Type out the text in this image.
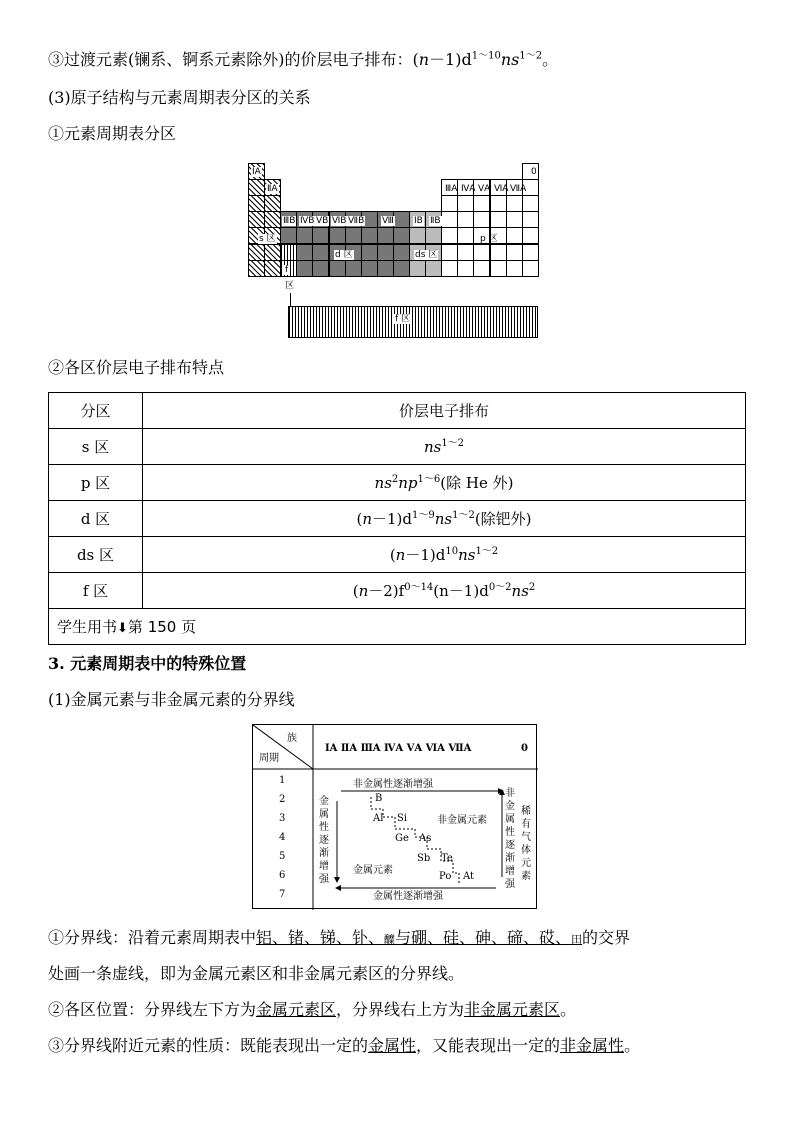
③过渡元素(镧系、锕系元素除外)的价层电子排布：$(n-1)d^{1\sim 10}ns^{1\sim 2}$。
(3)原子结构与元素周期表分区的关系
①元素周期表分区
ⅠA
ⅡA
0
ⅢB ⅣB ⅤB ⅥB ⅦB Ⅷ ⅠB ⅡB
ⅢA ⅣA ⅤA ⅥA ⅦA
s 区	p 区
d 区	ds 区
f
区
f 区
②各区价层电子排布特点
分区	价层电子排布
s 区	$ns^{1\sim 2}$
p 区	$ns^2np^{1\sim 6}$(除 He 外)
d 区	$(n-1)d^{1\sim 9}ns^{1\sim 2}$(除钯外)
ds 区	$(n-1)d^{10}ns^{1\sim 2}$
f 区	$(n-2)f^{0\sim 14}(n-1)d^{0\sim 2}ns^2$
学生用书⬇第 150 页	
3. 元素周期表中的特殊位置
(1)金属元素与非金属元素的分界线
族
周期
ⅠA ⅡA ⅢA ⅣA ⅤA ⅥA ⅦA	0
1
2
3
4
5
6
7
非金属性逐渐增强
金属性逐渐增强
金属性逐渐增强
非金属性逐渐增强
稀有气体元素
非金属元素
金属元素
B
Al Si
Ge As
Sb Te
Po At
①分界线：沿着元素周期表中铝、锗、锑、钋、醾与硼、硅、砷、碲、砹、田的交界
处画一条虚线，即为金属元素区和非金属元素区的分界线。
②各区位置：分界线左下方为金属元素区，分界线右上方为非金属元素区。
③分界线附近元素的性质：既能表现出一定的金属性，又能表现出一定的非金属性。
